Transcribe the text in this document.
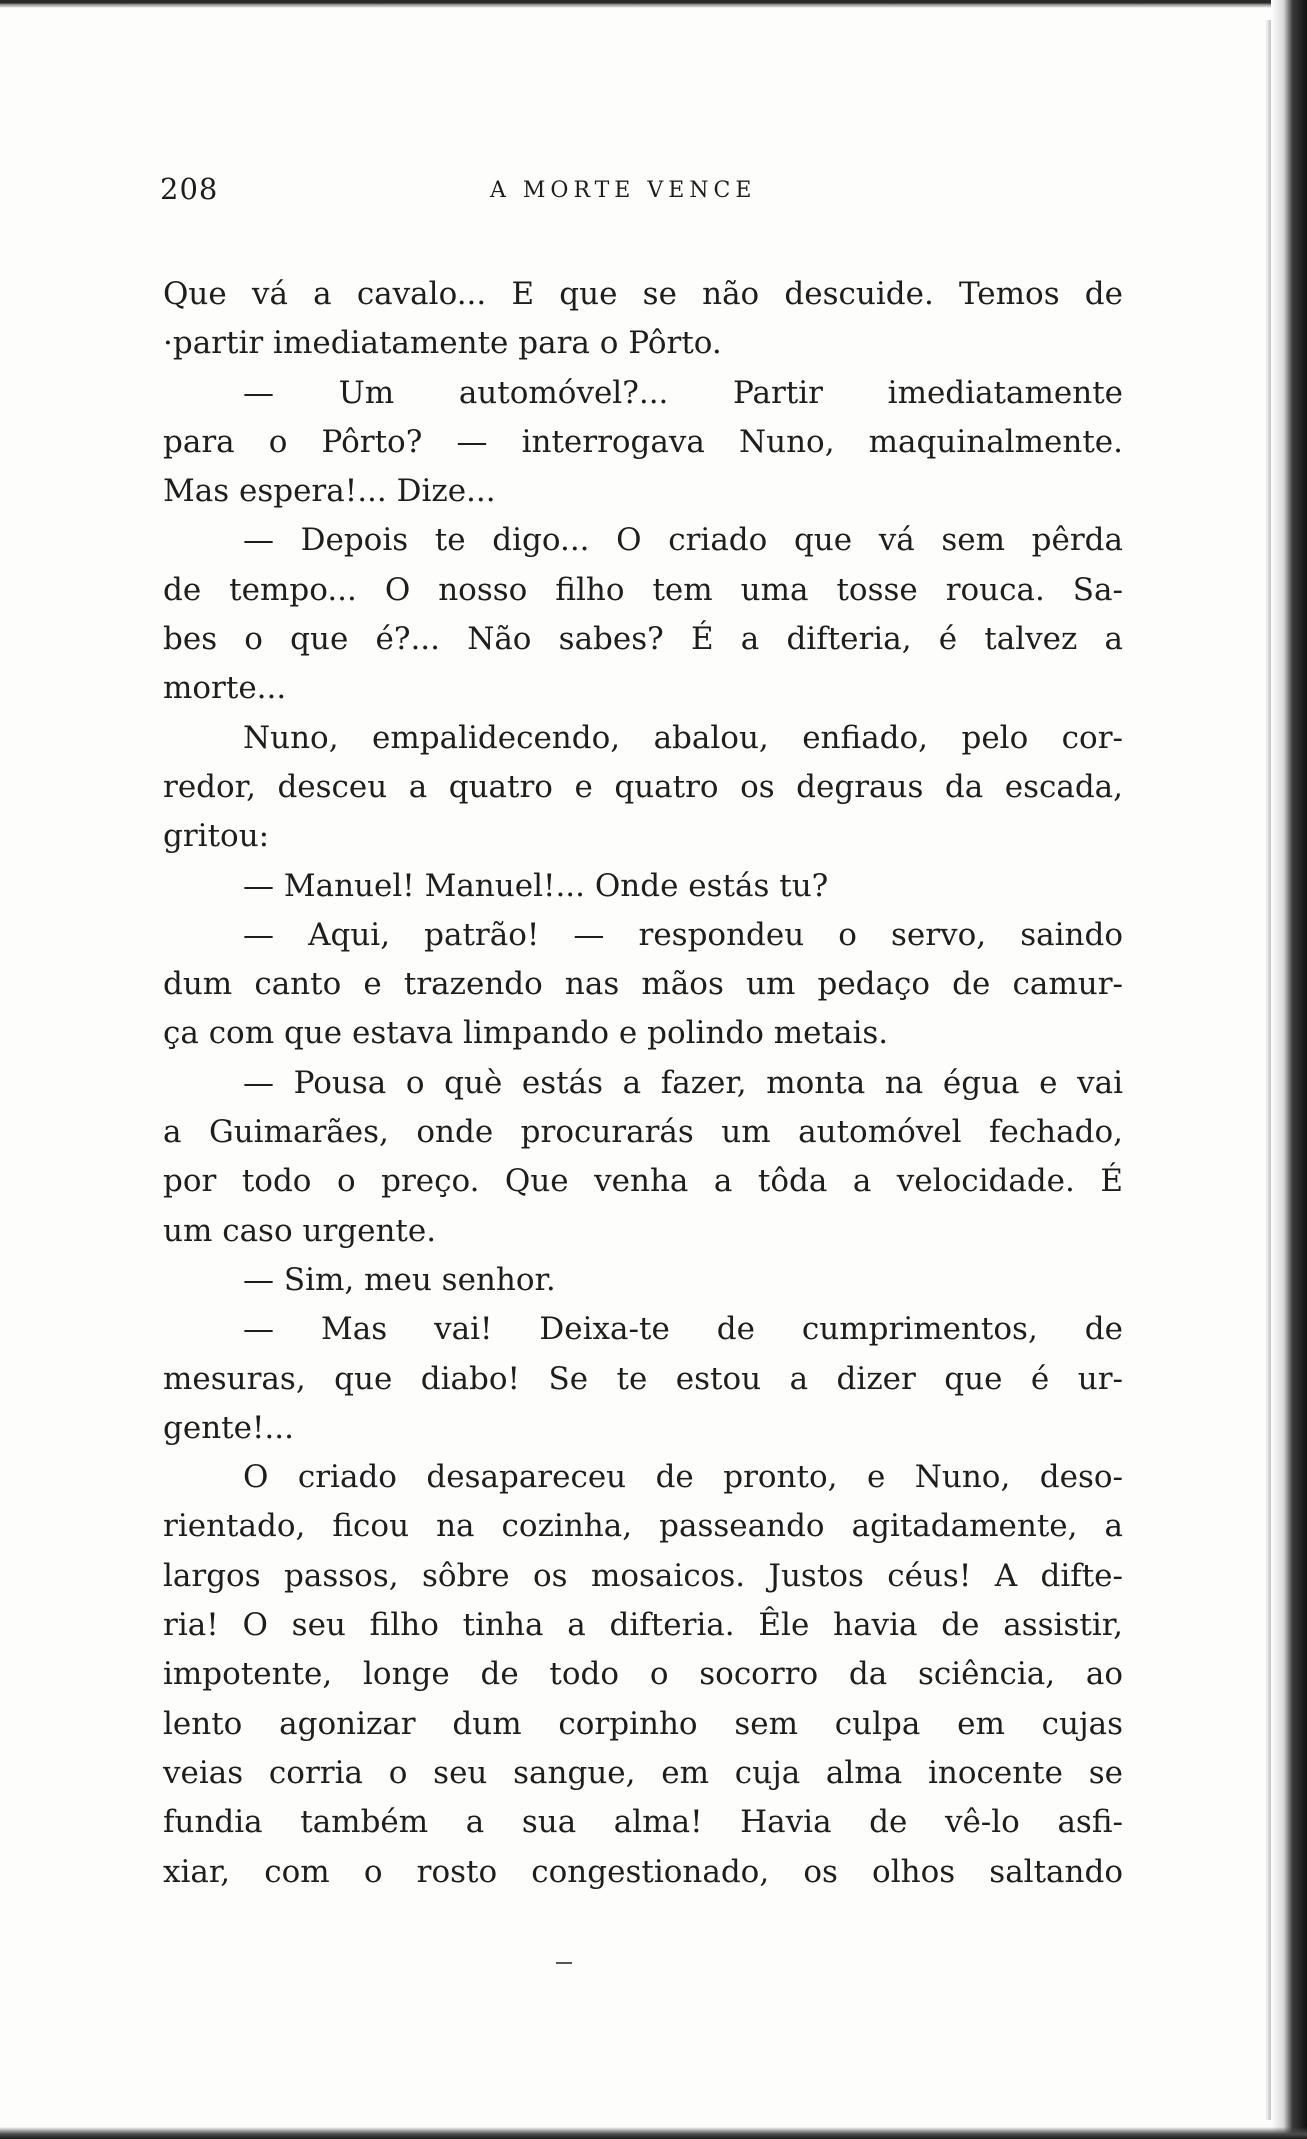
208	A MORTE VENCE
Que vá a cavalo... E que se não descuide. Temos de
·partir imediatamente para o Pôrto.
— Um automóvel?... Partir imediatamente
para o Pôrto? — interrogava Nuno, maquinalmente.
Mas espera!... Dize...
— Depois te digo... O criado que vá sem pêrda
de tempo... O nosso filho tem uma tosse rouca. Sa-
bes o que é?... Não sabes? É a difteria, é talvez a
morte...
Nuno, empalidecendo, abalou, enfiado, pelo cor-
redor, desceu a quatro e quatro os degraus da escada,
gritou:
— Manuel! Manuel!... Onde estás tu?
— Aqui, patrão! — respondeu o servo, saindo
dum canto e trazendo nas mãos um pedaço de camur-
ça com que estava limpando e polindo metais.
— Pousa o què estás a fazer, monta na égua e vai
a Guimarães, onde procurarás um automóvel fechado,
por todo o preço. Que venha a tôda a velocidade. É
um caso urgente.
— Sim, meu senhor.
— Mas vai! Deixa-te de cumprimentos, de
mesuras, que diabo! Se te estou a dizer que é ur-
gente!...
O criado desapareceu de pronto, e Nuno, deso-
rientado, ficou na cozinha, passeando agitadamente, a
largos passos, sôbre os mosaicos. Justos céus! A difte-
ria! O seu filho tinha a difteria. Êle havia de assistir,
impotente, longe de todo o socorro da sciência, ao
lento agonizar dum corpinho sem culpa em cujas
veias corria o seu sangue, em cuja alma inocente se
fundia também a sua alma! Havia de vê-lo asfi-
xiar, com o rosto congestionado, os olhos saltando
